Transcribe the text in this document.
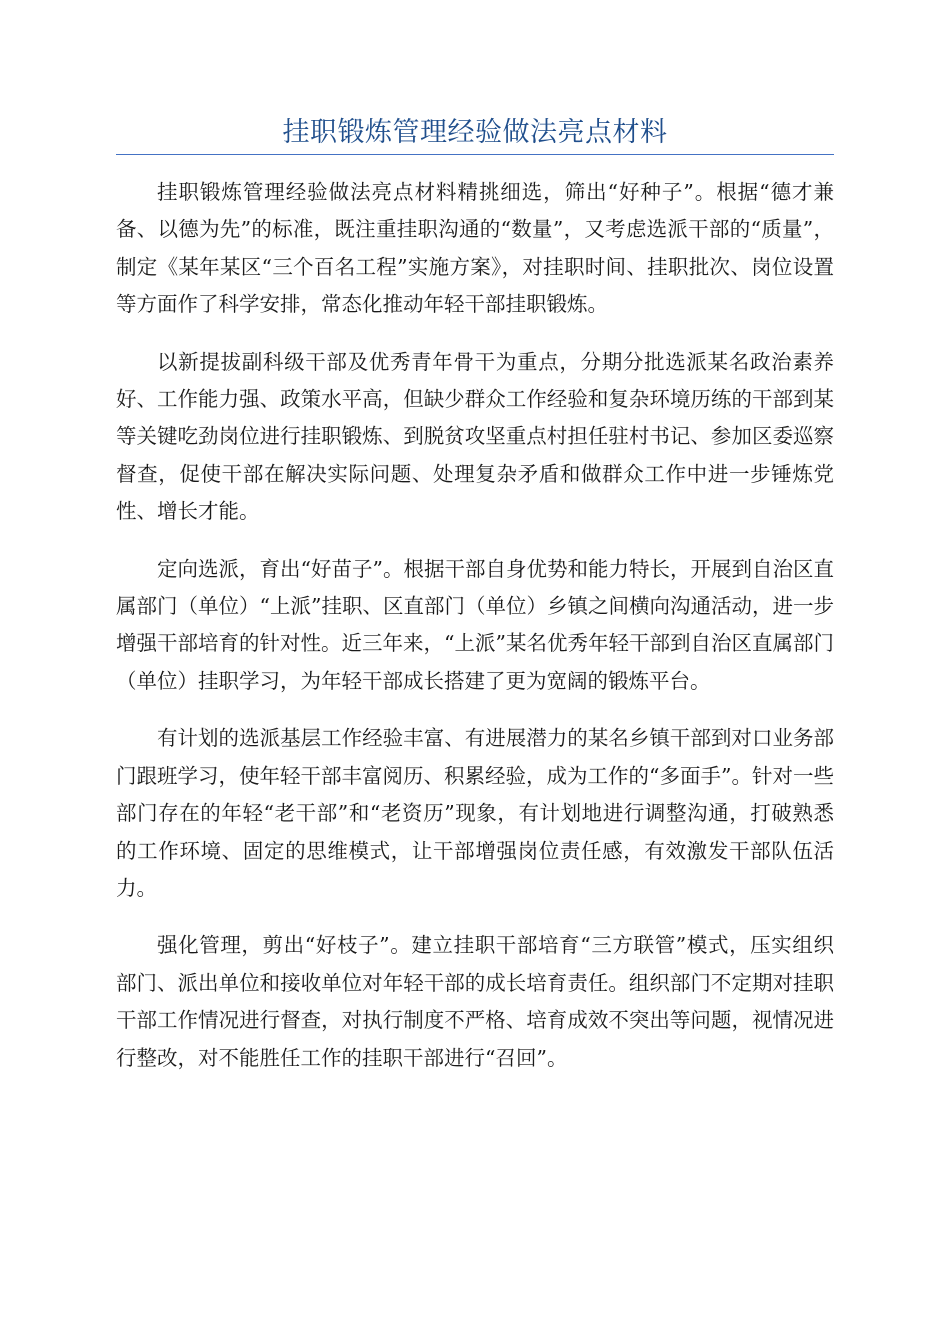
挂职锻炼管理经验做法亮点材料

挂职锻炼管理经验做法亮点材料精挑细选，筛出“好种子”。根据“德才兼备、以德为先”的标准，既注重挂职沟通的“数量”，又考虑选派干部的“质量”，制定《某年某区“三个百名工程”实施方案》，对挂职时间、挂职批次、岗位设置等方面作了科学安排，常态化推动年轻干部挂职锻炼。

以新提拔副科级干部及优秀青年骨干为重点，分期分批选派某名政治素养好、工作能力强、政策水平高，但缺少群众工作经验和复杂环境历练的干部到某等关键吃劲岗位进行挂职锻炼、到脱贫攻坚重点村担任驻村书记、参加区委巡察督查，促使干部在解决实际问题、处理复杂矛盾和做群众工作中进一步锤炼党性、增长才能。

定向选派，育出“好苗子”。根据干部自身优势和能力特长，开展到自治区直属部门（单位）“上派”挂职、区直部门（单位）乡镇之间横向沟通活动，进一步增强干部培育的针对性。近三年来，“上派”某名优秀年轻干部到自治区直属部门（单位）挂职学习，为年轻干部成长搭建了更为宽阔的锻炼平台。

有计划的选派基层工作经验丰富、有进展潜力的某名乡镇干部到对口业务部门跟班学习，使年轻干部丰富阅历、积累经验，成为工作的“多面手”。针对一些部门存在的年轻“老干部”和“老资历”现象，有计划地进行调整沟通，打破熟悉的工作环境、固定的思维模式，让干部增强岗位责任感，有效激发干部队伍活力。

强化管理，剪出“好枝子”。建立挂职干部培育“三方联管”模式，压实组织部门、派出单位和接收单位对年轻干部的成长培育责任。组织部门不定期对挂职干部工作情况进行督查，对执行制度不严格、培育成效不突出等问题，视情况进行整改，对不能胜任工作的挂职干部进行“召回”。
